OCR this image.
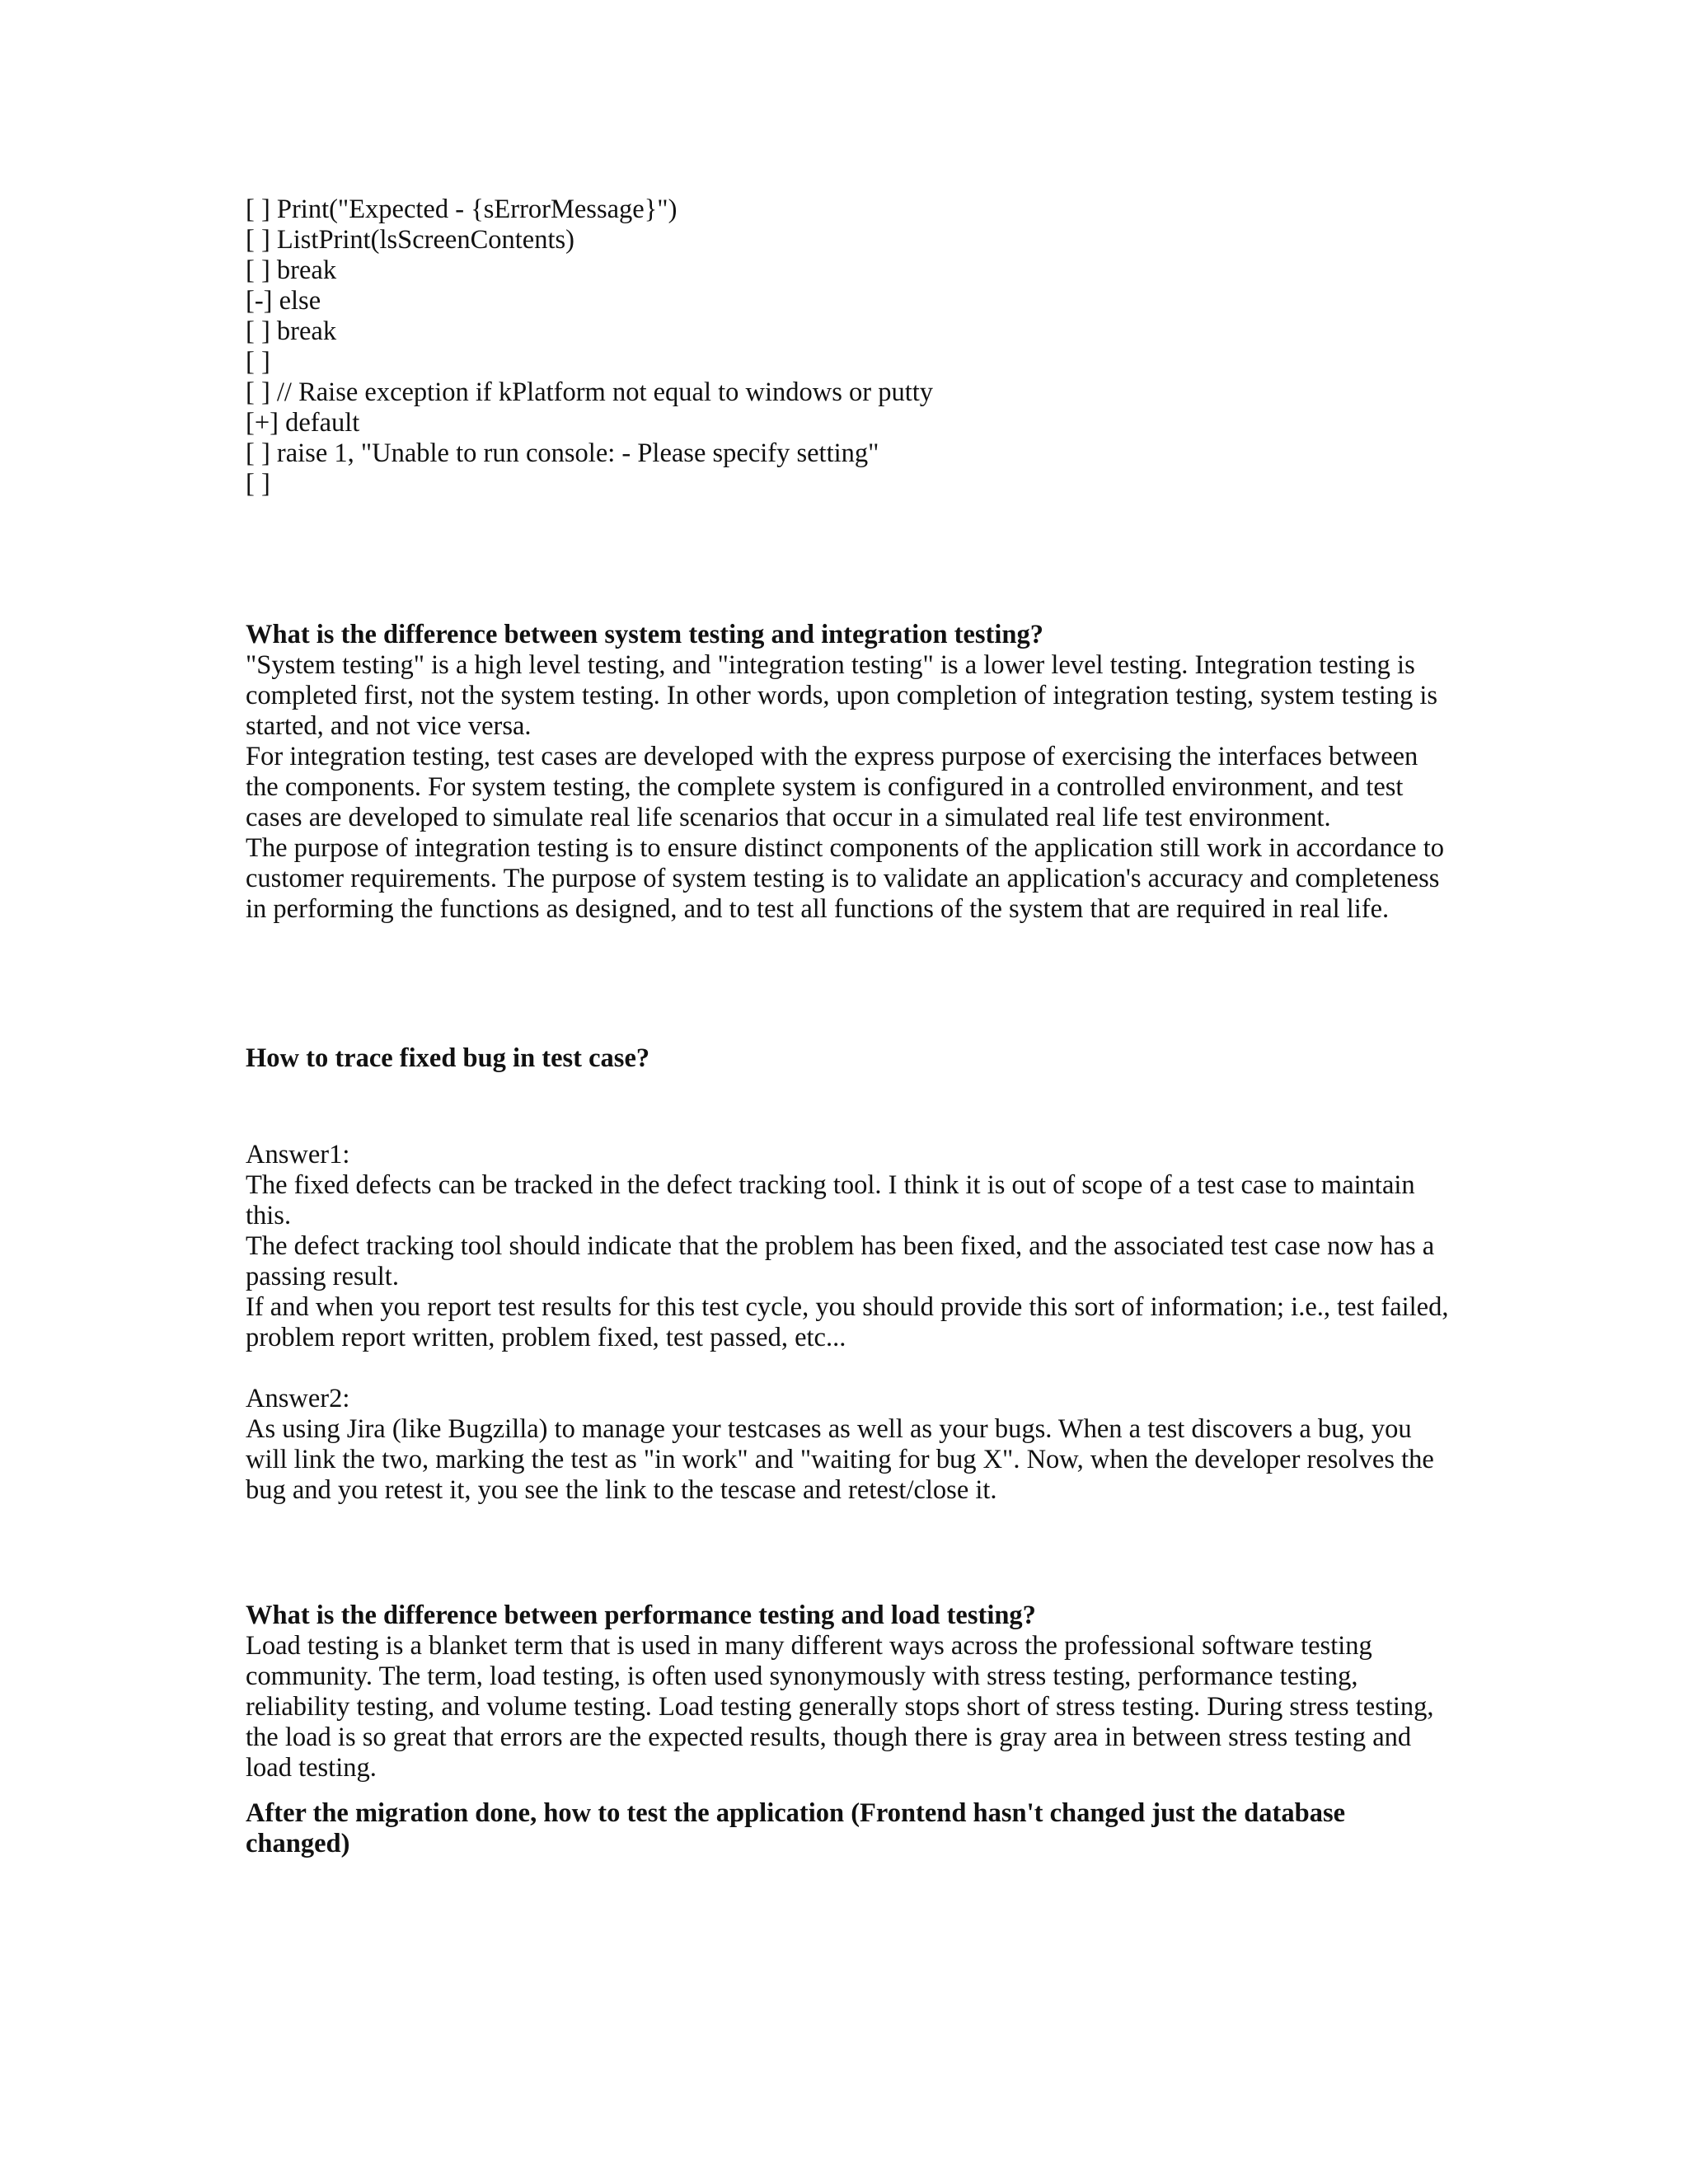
[ ] Print("Expected - {sErrorMessage}")
[ ] ListPrint(lsScreenContents)
[ ] break
[-] else
[ ] break
[ ]
[ ] // Raise exception if kPlatform not equal to windows or putty
[+] default
[ ] raise 1, "Unable to run console: - Please specify setting"
[ ]

What is the difference between system testing and integration testing?

"System testing" is a high level testing, and "integration testing" is a lower level testing. Integration testing is completed first, not the system testing. In other words, upon completion of integration testing, system testing is started, and not vice versa.

For integration testing, test cases are developed with the express purpose of exercising the interfaces between the components. For system testing, the complete system is configured in a controlled environment, and test cases are developed to simulate real life scenarios that occur in a simulated real life test environment.

The purpose of integration testing is to ensure distinct components of the application still work in accordance to customer requirements. The purpose of system testing is to validate an application's accuracy and completeness in performing the functions as designed, and to test all functions of the system that are required in real life.

How to trace fixed bug in test case?

Answer1:

The fixed defects can be tracked in the defect tracking tool. I think it is out of scope of a test case to maintain this.

The defect tracking tool should indicate that the problem has been fixed, and the associated test case now has a passing result.

If and when you report test results for this test cycle, you should provide this sort of information; i.e., test failed, problem report written, problem fixed, test passed, etc...

Answer2:

As using Jira (like Bugzilla) to manage your testcases as well as your bugs. When a test discovers a bug, you will link the two, marking the test as "in work" and "waiting for bug X". Now, when the developer resolves the bug and you retest it, you see the link to the tescase and retest/close it.

What is the difference between performance testing and load testing?

Load testing is a blanket term that is used in many different ways across the professional software testing community. The term, load testing, is often used synonymously with stress testing, performance testing, reliability testing, and volume testing. Load testing generally stops short of stress testing. During stress testing, the load is so great that errors are the expected results, though there is gray area in between stress testing and load testing.

After the migration done, how to test the application (Frontend hasn't changed just the database changed)
